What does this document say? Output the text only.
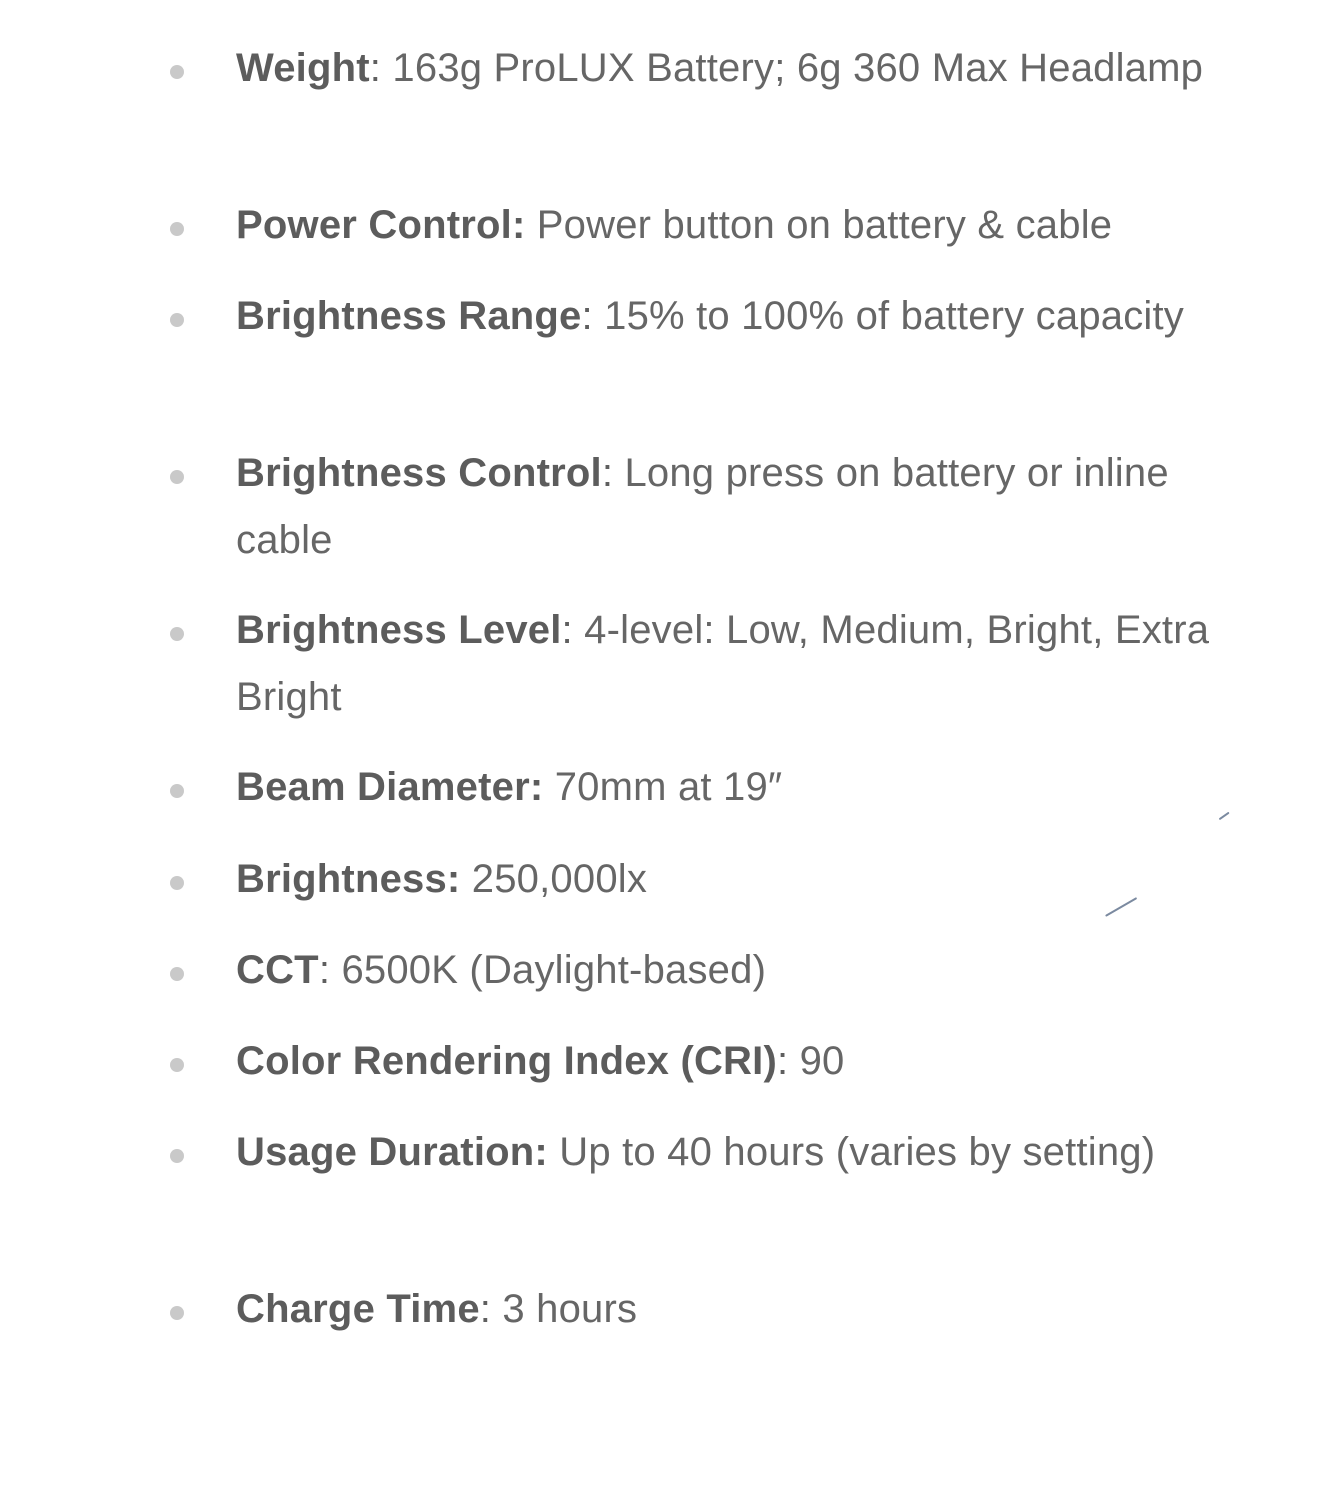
Weight: 163g ProLUX Battery; 6g 360 Max Headlamp
Power Control: Power button on battery & cable
Brightness Range: 15% to 100% of battery capacity
Brightness Control: Long press on battery or inline cable
Brightness Level: 4-level: Low, Medium, Bright, Extra Bright
Beam Diameter: 70mm at 19″
Brightness: 250,000lx
CCT: 6500K (Daylight-based)
Color Rendering Index (CRI): 90
Usage Duration: Up to 40 hours (varies by setting)
Charge Time: 3 hours
